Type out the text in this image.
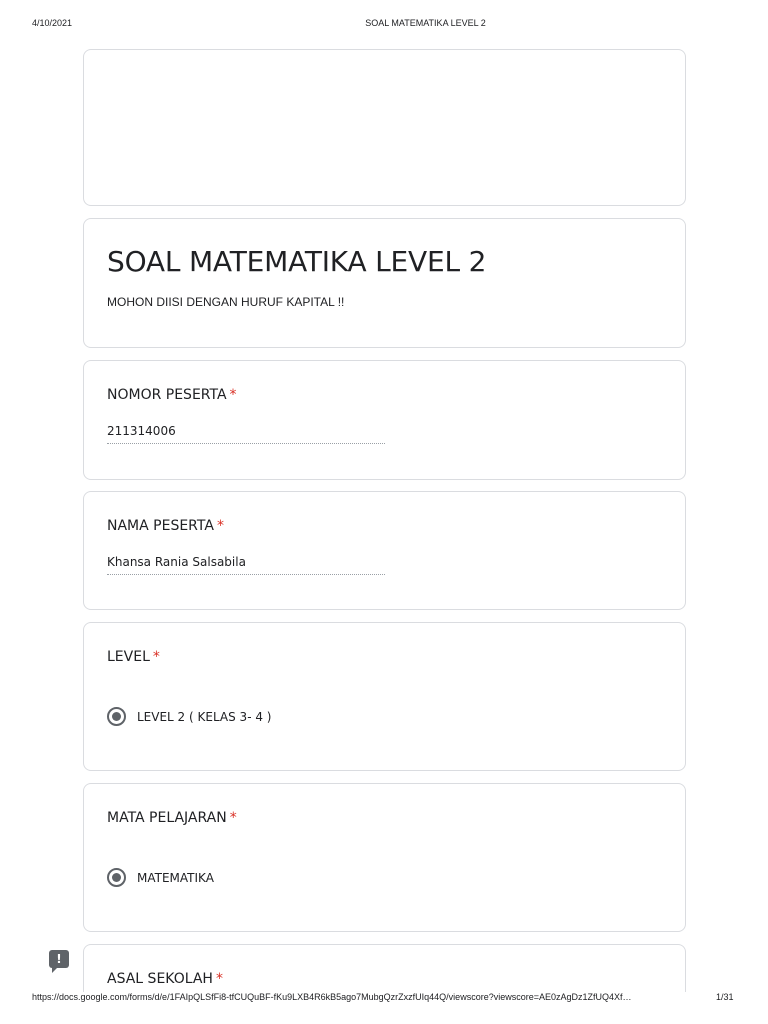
4/10/2021	SOAL MATEMATIKA LEVEL 2
SOAL MATEMATIKA LEVEL 2
MOHON DIISI DENGAN HURUF KAPITAL !!
NOMOR PESERTA *
211314006
NAMA PESERTA *
Khansa Rania Salsabila
LEVEL *
LEVEL 2 ( KELAS 3- 4 )
MATA PELAJARAN *
MATEMATIKA
ASAL SEKOLAH *
!
https://docs.google.com/forms/d/e/1FAIpQLSfFi8-tfCUQuBF-fKu9LXB4R6kB5ago7MubgQzrZxzfUIq44Q/viewscore?viewscore=AE0zAgDz1ZfUQ4Xf…	1/31
